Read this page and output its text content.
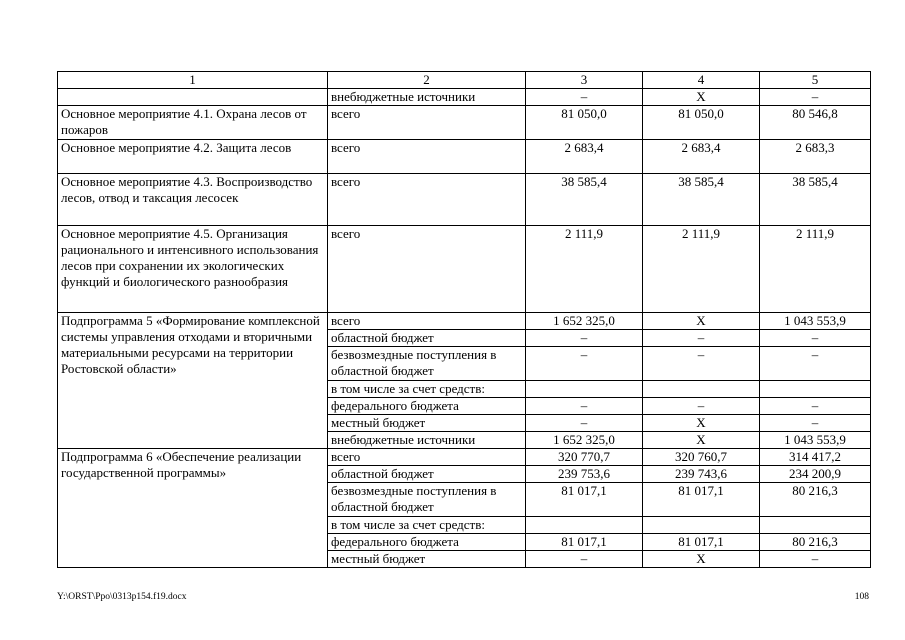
1	2	3	4	5
	внебюджетные источники	–	Х	–
Основное мероприятие 4.1. Охрана лесов от пожаров	всего	81 050,0	81 050,0	80 546,8
Основное мероприятие 4.2. Защита лесов	всего	2 683,4	2 683,4	2 683,3
Основное мероприятие 4.3. Воспроизводство лесов, отвод и таксация лесосек	всего	38 585,4	38 585,4	38 585,4
Основное мероприятие 4.5. Организация рационального и интенсивного использования лесов при сохранении их экологических функций и биологического разнообразия	всего	2 111,9	2 111,9	2 111,9
Подпрограмма 5 «Формирование комплексной системы управления отходами и вторичными материальными ресурсами на территории Ростовской области»	всего	1 652 325,0	Х	1 043 553,9
	областной бюджет	–	–	–
	безвозмездные поступления в областной бюджет	–	–	–
	в том числе за счет средств:			
	федерального бюджета	–	–	–
	местный бюджет	–	Х	–
	внебюджетные источники	1 652 325,0	Х	1 043 553,9

Подпрограмма 6 «Обеспечение реализации государственной программы»	всего	320 770,7	320 760,7	314 417,2
	областной бюджет	239 753,6	239 743,6	234 200,9
	безвозмездные поступления в областной бюджет	81 017,1	81 017,1	80 216,3
	в том числе за счет средств:			
	федерального бюджета	81 017,1	81 017,1	80 216,3
	местный бюджет	–	Х	–
Y:\ORST\Ppo\0313p154.f19.docx	108
